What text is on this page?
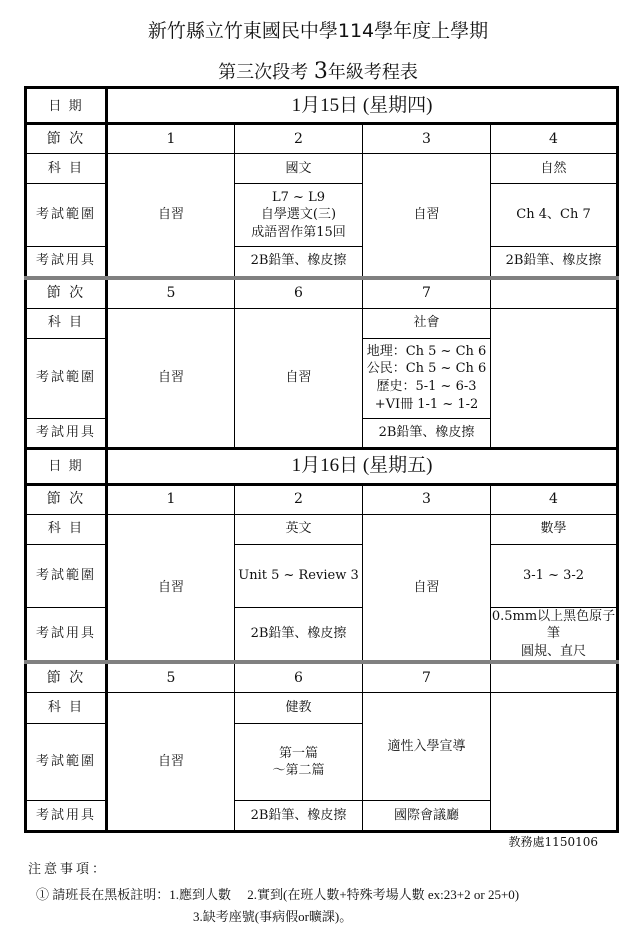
新竹縣立竹東國民中學114學年度上學期
第三次段考 3年級考程表
日 期	1月15日 (星期四)			
節 次	1	2	3	4
科 目	自習	國文	自習	自然
考試範圍		L7 ~ L9
自學選文(三)
成語習作第15回		Ch 4、Ch 7
考試用具		2B鉛筆、橡皮擦		2B鉛筆、橡皮擦
節 次	5	6	7	
科 目	自習	自習	社會	
考試範圍			地理：Ch 5 ~ Ch 6
公民：Ch 5 ~ Ch 6
歷史：5-1 ~ 6-3
+VI冊 1-1 ~ 1-2	

考試用具			2B鉛筆、橡皮擦	
日 期	1月16日 (星期五)			
節 次	1	2	3	4
科 目	自習	英文	自習	數學
考試範圍		Unit 5 ~ Review 3		3-1 ~ 3-2
考試用具		2B鉛筆、橡皮擦		0.5mm以上黑色原子筆
圓規、直尺

節 次	5	6	7	
科 目	自習	健教	適性入學宣導	
考試範圍		第一篇
～第二篇		

考試用具		2B鉛筆、橡皮擦	國際會議廳	
教務處1150106
注意事項：
① 請班長在黑板註明：1.應到人數　 2.實到(在班人數+特殊考場人數 ex:23+2 or 25+0)
3.缺考座號(事病假or曠課)。
